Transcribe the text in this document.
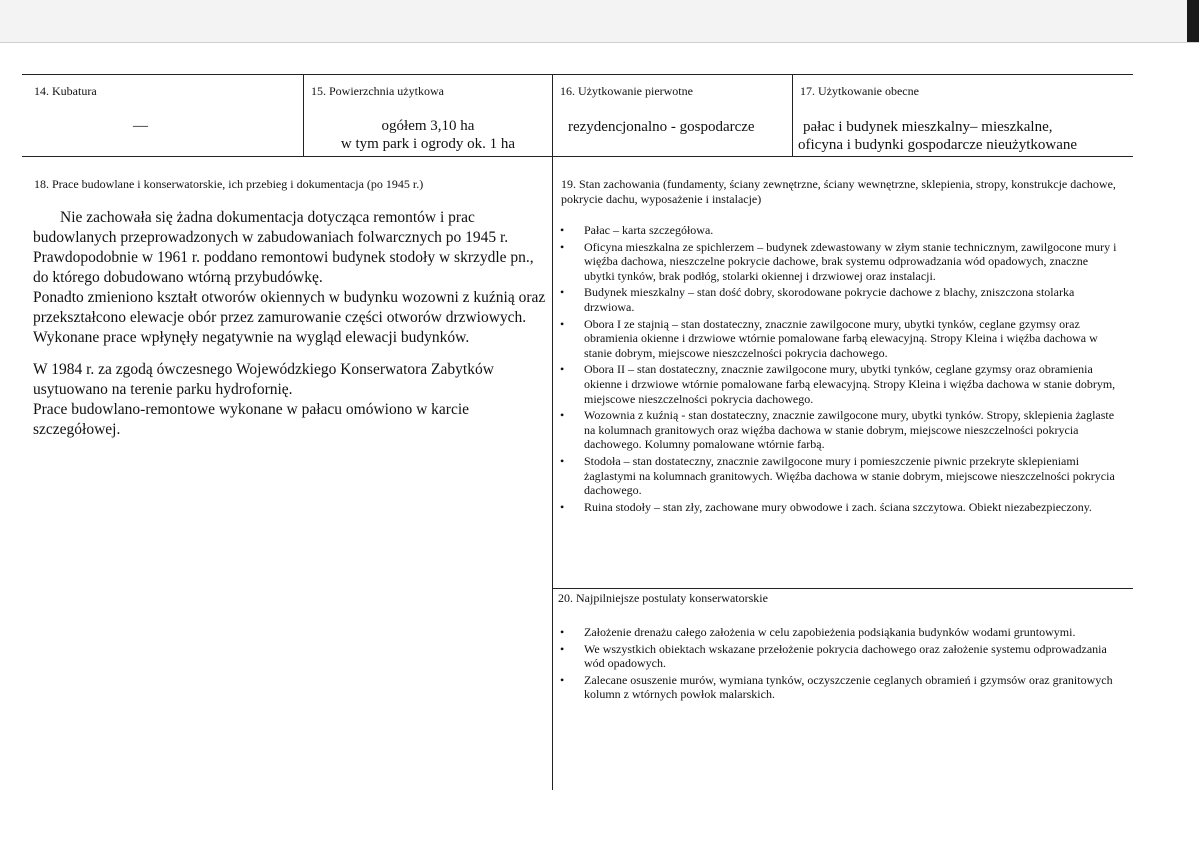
14. Kubatura
—
15. Powierzchnia użytkowa
ogółem 3,10 ha
w tym park i ogrody ok. 1 ha
16. Użytkowanie pierwotne
rezydencjonalno - gospodarcze
17. Użytkowanie obecne
pałac i budynek mieszkalny– mieszkalne,
oficyna i budynki gospodarcze nieużytkowane
18. Prace budowlane i konserwatorskie, ich przebieg i dokumentacja (po 1945 r.)

Nie zachowała się żadna dokumentacja dotycząca remontów i prac budowlanych przeprowadzonych w zabudowaniach folwarcznych po 1945 r.

Prawdopodobnie w 1961 r. poddano remontowi budynek stodoły w skrzydle pn., do którego dobudowano wtórną przybudówkę.

Ponadto zmieniono kształt otworów okiennych w budynku wozowni z kuźnią oraz przekształcono elewacje obór przez zamurowanie części otworów drzwiowych.

Wykonane prace wpłynęły negatywnie na wygląd elewacji budynków.

W 1984 r. za zgodą ówczesnego Wojewódzkiego Konserwatora Zabytków usytuowano na terenie parku hydrofornię.

Prace budowlano-remontowe wykonane w pałacu omówiono w karcie szczegółowej.

19. Stan zachowania (fundamenty, ściany zewnętrzne, ściany wewnętrzne, sklepienia, stropy, konstrukcje dachowe, pokrycie dachu, wyposażenie i instalacje)
• Pałac – karta szczegółowa.
• Oficyna mieszkalna ze spichlerzem – budynek zdewastowany w złym stanie technicznym, zawilgocone mury i więźba dachowa, nieszczelne pokrycie dachowe, brak systemu odprowadzania wód opadowych, znaczne ubytki tynków, brak podłóg, stolarki okiennej i drzwiowej oraz instalacji.
• Budynek mieszkalny – stan dość dobry, skorodowane pokrycie dachowe z blachy, zniszczona stolarka drzwiowa.
• Obora I ze stajnią – stan dostateczny, znacznie zawilgocone mury, ubytki tynków, ceglane gzymsy oraz obramienia okienne i drzwiowe wtórnie pomalowane farbą elewacyjną. Stropy Kleina i więźba dachowa w stanie dobrym, miejscowe nieszczelności pokrycia dachowego.
• Obora II – stan dostateczny, znacznie zawilgocone mury, ubytki tynków, ceglane gzymsy oraz obramienia okienne i drzwiowe wtórnie pomalowane farbą elewacyjną. Stropy Kleina i więźba dachowa w stanie dobrym, miejscowe nieszczelności pokrycia dachowego.
• Wozownia z kuźnią - stan dostateczny, znacznie zawilgocone mury, ubytki tynków. Stropy, sklepienia żaglaste na kolumnach granitowych oraz więźba dachowa w stanie dobrym, miejscowe nieszczelności pokrycia dachowego. Kolumny pomalowane wtórnie farbą.
• Stodoła – stan dostateczny, znacznie zawilgocone mury i pomieszczenie piwnic przekryte sklepieniami żaglastymi na kolumnach granitowych. Więźba dachowa w stanie dobrym, miejscowe nieszczelności pokrycia dachowego.
• Ruina stodoły – stan zły, zachowane mury obwodowe i zach. ściana szczytowa. Obiekt niezabezpieczony.
20. Najpilniejsze postulaty konserwatorskie
• Założenie drenażu całego założenia w celu zapobieżenia podsiąkania budynków wodami gruntowymi.
• We wszystkich obiektach wskazane przełożenie pokrycia dachowego oraz założenie systemu odprowadzania wód opadowych.
• Zalecane osuszenie murów, wymiana tynków, oczyszczenie ceglanych obramień i gzymsów oraz granitowych kolumn z wtórnych powłok malarskich.
